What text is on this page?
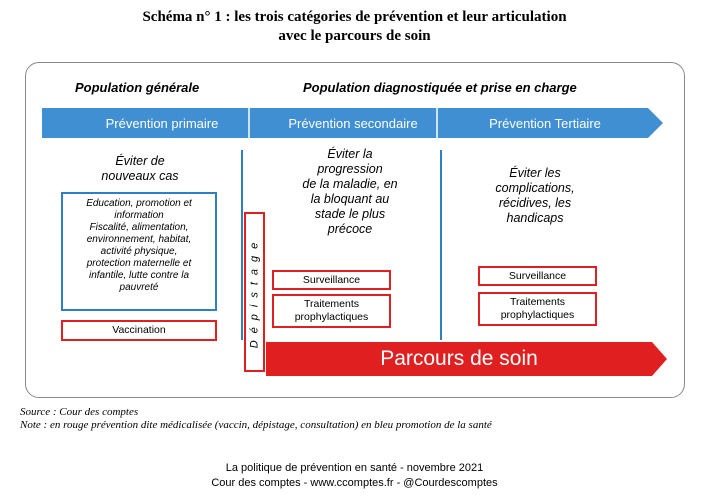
Schéma n° 1 : les trois catégories de prévention et leur articulation
avec le parcours de soin
Population générale	Population diagnostiquée et prise en charge
Prévention primaire	Prévention secondaire	Prévention Tertiaire
Éviter de
nouveaux cas
Education, promotion et
information
Fiscalité, alimentation,
environnement, habitat,
activité physique,
protection maternelle et
infantile, lutte contre la
pauvreté
Vaccination	Dépistage
Éviter la
progression
de la maladie, en
la bloquant au
stade le plus
précoce
Surveillance
Traitements
prophylactiques
Éviter les
complications,
récidives, les
handicaps
Surveillance
Traitements
prophylactiques
Parcours de soin
Source : Cour des comptes
Note : en rouge prévention dite médicalisée (vaccin, dépistage, consultation) en bleu promotion de la santé
La politique de prévention en santé - novembre 2021
Cour des comptes - www.ccomptes.fr - @Courdescomptes
